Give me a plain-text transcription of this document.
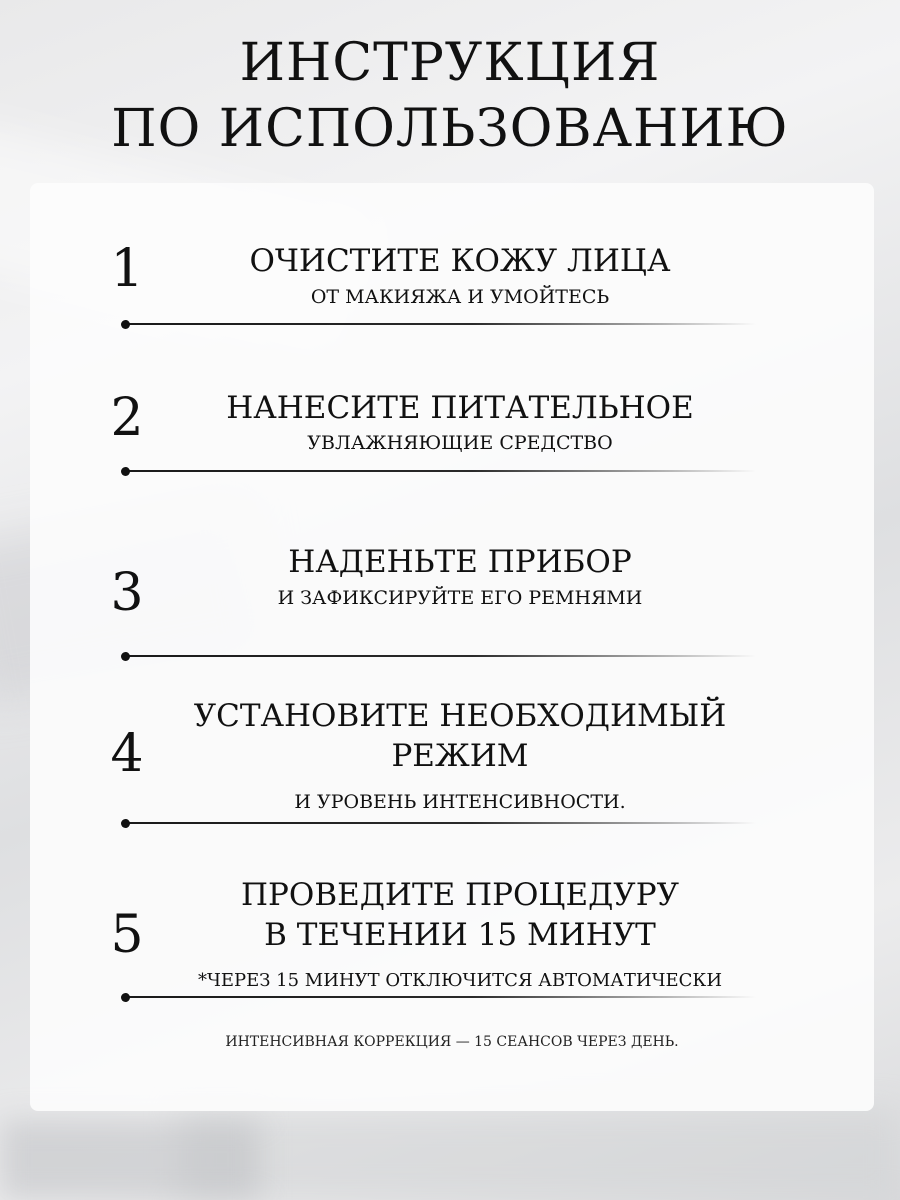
ИНСТРУКЦИЯ
ПО ИСПОЛЬЗОВАНИЮ
1	ОЧИСТИТЕ КОЖУ ЛИЦА
ОТ МАКИЯЖА И УМОЙТЕСЬ
2	НАНЕСИТЕ ПИТАТЕЛЬНОЕ
УВЛАЖНЯЮЩИЕ СРЕДСТВО
3
НАДЕНЬТЕ ПРИБОР
И ЗАФИКСИРУЙТЕ ЕГО РЕМНЯМИ
4
УСТАНОВИТЕ НЕОБХОДИМЫЙ
РЕЖИМ
И УРОВЕНЬ ИНТЕНСИВНОСТИ.
5
ПРОВЕДИТЕ ПРОЦЕДУРУ
В ТЕЧЕНИИ 15 МИНУТ
*ЧЕРЕЗ 15 МИНУТ ОТКЛЮЧИТСЯ АВТОМАТИЧЕСКИ

ИНТЕНСИВНАЯ КОРРЕКЦИЯ — 15 СЕАНСОВ ЧЕРЕЗ ДЕНЬ.
